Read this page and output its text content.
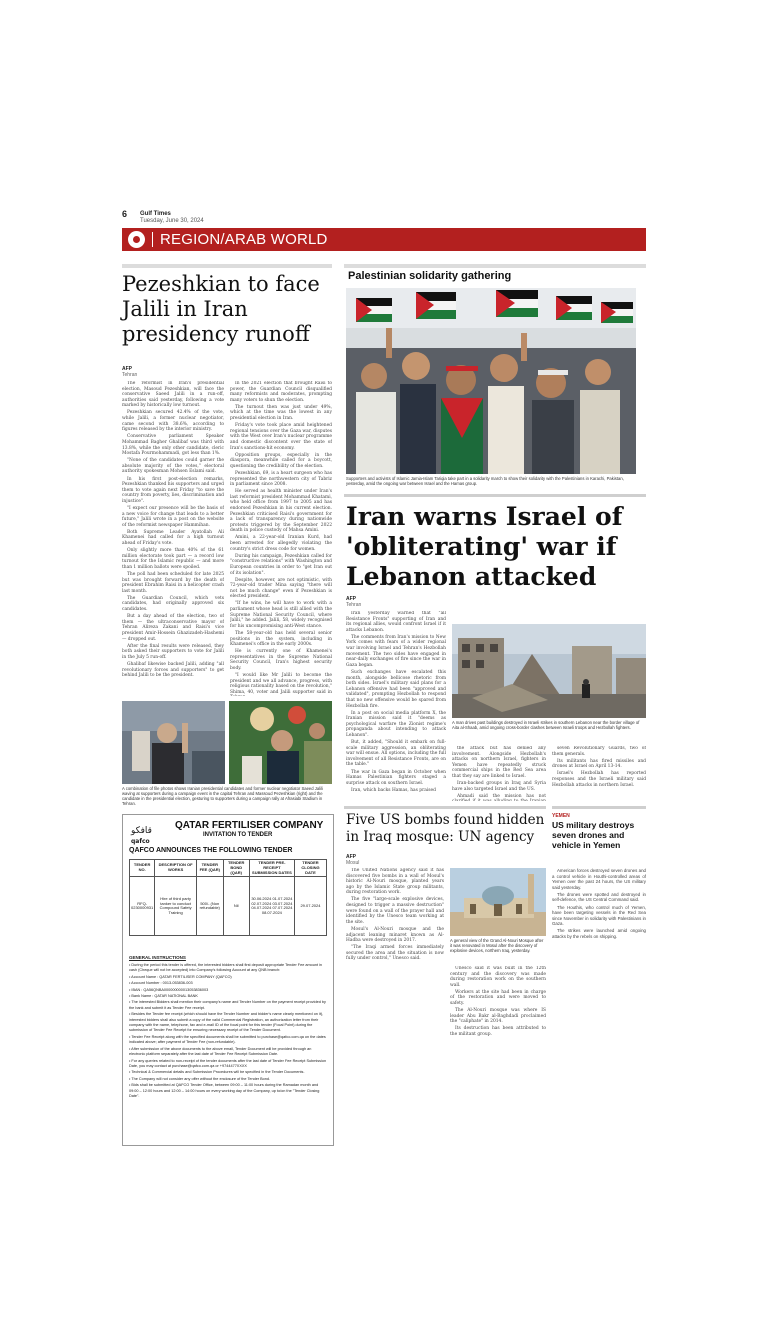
6 Gulf Times
Tuesday, June 30, 2024
REGION/ARAB WORLD
Pezeshkian to face Jalili in Iran presidency runoff
AFP
Tehran

The reformist in Iran's presidential election, Masoud Pezeshkian, will face the conservative Saeed Jalili in a run-off, authorities said yesterday, following a vote marked by historically low turnout.

Pezeshkian secured 42.4% of the vote, while Jalili, a former nuclear negotiator, came second with 38.6%, according to figures released by the interior ministry.

Conservative parliament Speaker Mohammad Bagher Ghalibaf was third with 13.8%, while the only other candidate, cleric Mostafa Pourmohammadi, got less than 1%.

"None of the candidates could garner the absolute majority of the votes," electoral authority spokesman Mohsen Eslami said.

In his first post-election remarks, Pezeshkian thanked his supporters and urged them to vote again next Friday "to save the country from poverty, lies, discrimination and injustice".

"I expect our presence will be the basis of a new voice for change that leads to a better future," Jalili wrote in a post on the website of the reformist newspaper Hammihan.

Both Supreme Leader Ayatollah Ali Khamenei had called for a high turnout ahead of Friday's vote.

Only slightly more than 40% of the 61 million electorate took part — a record low turnout for the Islamic republic — and more than 1 million ballots were spoiled.

The poll had been scheduled for late 2025 but was brought forward by the death of president Ebrahim Raisi in a helicopter crash last month.

The Guardian Council, which vets candidates, had originally approved six candidates.

But a day ahead of the election, two of them — the ultraconservative mayor of Tehran Alireza Zakani and Raisi's vice president Amir-Hossein Ghazizadeh-Hashemi — dropped out.

After the final results were released, they both asked their supporters to vote for Jalili in the July 5 run-off.

Ghalibaf likewise backed Jalili, adding "all revolutionary forces and supporters" to get behind Jalili to be the president.

In the 2021 election that brought Raisi to power, the Guardian Council disqualified many reformists and moderates, prompting many voters to shun the election.

The turnout then was just under 49%, which at the time was the lowest in any presidential election in Iran.

Friday's vote took place amid heightened regional tensions over the Gaza war, disputes with the West over Iran's nuclear programme and domestic discontent over the state of Iran's sanctions-hit economy.

Opposition groups, especially in the diaspora, meanwhile called for a boycott, questioning the credibility of the election.

Pezeshkian, 69, is a heart surgeon who has represented the northwestern city of Tabriz in parliament since 2008.

He served as health minister under Iran's last reformist president Mohammad Khatami, who held office from 1997 to 2005 and has endorsed Pezeshkian in his current election. Pezeshkian criticised Raisi's government for a lack of transparency during nationwide protests triggered by the September 2022 death in police custody of Mahsa Amini.

Amini, a 22-year-old Iranian Kurd, had been arrested for allegedly violating the country's strict dress code for women.

During his campaign, Pezeshkian called for "constructive relations" with Washington and European countries in order to "get Iran out of its isolation".

Despite, however, are not optimistic, with 72-year-old trader Mina saying "there will not be much change" even if Pezeshkian is elected president.

"If he wins, he will have to work with a parliament whose head is still allied with the Supreme National Security Council, where Jalili," he added. Jalili, 58, widely recognised for his uncompromising anti-West stance.

The 58-year-old has held several senior positions in the system, including in Khamenei's office in the early 2000s.

He is currently one of Khamenei's representatives in the Supreme National Security Council, Iran's highest security body.

"I would like Mr Jalili to become the president and we all advance, progress, with religious rationality based on the revolution," Shima, 40, voter and Jalili supporter said in

A combination of file photos shows Iranian presidential candidates and former nuclear negotiator Saeed Jalili waving at supporters during a campaign event in the capital Tehran and Massoud Pezeshkian (right) and the candidate in the presidential election, gesturing to supporters during a campaign rally at Afrasiabi Stadium in Tehran.
قافكو
qafco
QATAR FERTILISER COMPANY
INVITATION TO TENDER
QAFCO ANNOUNCES THE FOLLOWING TENDER
TENDER NO.	DESCRIPTION OF WORKS	TENDER FEE (QAR)	TENDER BOND (QAR)	TENDER PRE-RECEIPT SUBMISSION DATES	TENDER CLOSING DATE
RFQ-0230000931	Hire of third party tanker to conduct Compound Safety Training	500/- (Non refundable)	Nil	30.06.2024 01.07.2024 02.07.2024 03.07.2024 04.07.2024 07.07.2024 08.07.2024	29.07.2024
GENERAL INSTRUCTIONS
• During the period this tender is offered, the interested bidders shall first deposit appropriate Tender Fee amount in cash (Cheque will not be accepted) into Company's following Account at any QNB branch:
• Account Name : QATAR FERTILISER COMPANY (QAFCO)
• Account Number : 0013-053836-003
• IBAN : QA56QNBA000000000013053836003
• Bank Name : QATAR NATIONAL BANK
• The interested Bidders shall mention their company's name and Tender Number on the payment receipt provided by the bank and submit it as Tender Fee receipt.
• Besides the Tender fee receipt (which should have the Tender Number and bidder's name clearly mentioned on it), interested bidders shall also submit a copy of the valid Commercial Registration, an authorization letter from their company with the name, telephone, fax and e-mail ID of the focal point for this tender (Focal Point) during the submission of Tender Fee Receipt for ensuring necessary receipt of the Tender Document.
• Tender Fee Receipt along with the specified documents shall be submitted to purchase@qafco.com.qa on the dates indicated above; after payment of Tender Fee (non-refundable).
• After submission of the above documents to the above email, Tender Document will be provided through an electronic platform separately after the last date of Tender Fee Receipt Submission Date.
• For any queries related to non-receipt of the tender documents after the last date of Tender Fee Receipt Submission Date, you may contact at purchase@qafco.com.qa or +9744477XXXX
• Technical & Commercial details and Submission Procedures will be specified in the Tender Documents.
• The Company will not consider any offer without the enclosure of the Tender Bond.
• Bids shall be submitted at QAFCO Tender Office, between 09:00 – 11:00 hours during the Ramadan month and 09:00 – 12:00 hours and 12:00 – 14:00 hours on every working day of the Company, up to/on the "Tender Closing Date".
Palestinian solidarity gathering
Supporters and activists of Islamic Jamia-Islam Tariqia take part in a solidarity march to show their solidarity with the Palestinians in Karachi, Pakistan, yesterday, amid the ongoing war between Israel and the Hamas group.
Iran warns Israel of 'obliterating' war if Lebanon attacked
AFP
Tehran

Iran yesterday warned that "all Resistance Fronts" supporting of Iran and its regional allies, would confront Israel if it attacks Lebanon.

The comments from Iran's mission to New York comes with fears of a wider regional war involving Israel and Tehran's Hezbollah movement. The two sides have engaged in near-daily exchanges of fire since the war in Gaza began.

Such exchanges have escalated this month, alongside bellicose rhetoric from both sides. Israel's military said plans for a Lebanon offensive had been "approved and validated", prompting Hezbollah to respond that no new offensive would be spared from Hezbollah fire.

In a post on social media platform X, the Iranian mission said it "deems as psychological warfare the Zionist regime's propaganda about intending to attack Lebanon".

But, it added, "Should it embark on full-scale military aggression, an obliterating war will ensue. All options, including the full involvement of all Resistance Fronts, are on the table."

The war in Gaza began in October when Hamas Palestinian fighters staged a surprise attack on southern Israel.

Iran, which backs Hamas, has praised

A man drives past buildings destroyed in Israeli strikes in southern Lebanon near the border village of Aita al-Shaab, amid ongoing cross-border clashes between Israeli troops and Hezbollah fighters.

the attack but has denied any involvement. Alongside Hezbollah's attacks on northern Israel, fighters in Yemen have repeatedly struck commercial ships in the Red Sea area that they say are linked to Israel.

Iran-backed groups in Iraq and Syria have also targeted Israel and the US.

Ahmadi said the mission has not

seven Revolutionary Guards, two of them generals.

Its militants has fired missiles and drones at Israel on April 13-14.

Israel's Hezbollah has reported responses and the Israeli military said Hezbollah attacks in northern Israel.

Five US bombs found hidden in Iraq mosque: UN agency
AFP
Mosul

The United Nations agency said it has discovered five bombs in a wall of Mosul's historic Al-Nouri mosque, planted years ago by the Islamic State group militants, during restoration work.

The five "large-scale explosive devices, designed to trigger a massive destruction" were found on a wall of the prayer hall and identified by the Unesco team working at the site.

Mosul's Al-Nouri mosque and the adjacent leaning minaret known as Al-Hadba were destroyed in 2017.

"The Iraqi armed forces immediately secured the area and the situation is now fully under control," Unesco said.

A general view of the Grand Al-Nouri Mosque after it was renovated in Mosul after the discovery of explosive devices, northern Iraq, yesterday.

Unesco said it was built in the 12th century and the discovery was made during restoration work on the southern wall.

Workers at the site had been in charge of the restoration and were moved to safety.

The Al-Nouri mosque was where IS leader Abu Bakr al-Baghdadi proclaimed the "caliphate" in 2014.

Its destruction has been attributed to the militant group.

YEMEN
US military destroys seven drones and vehicle in Yemen

American forces destroyed seven drones and a control vehicle in Houthi-controlled areas of Yemen over the past 24 hours, the US military said yesterday.

The drones were spotted and destroyed in self-defence, the US Central Command said.

The Houthis, who control much of Yemen, have been targeting vessels in the Red Sea since November in solidarity with Palestinians in Gaza.

The strikes were launched amid ongoing attacks by the rebels on shipping.
